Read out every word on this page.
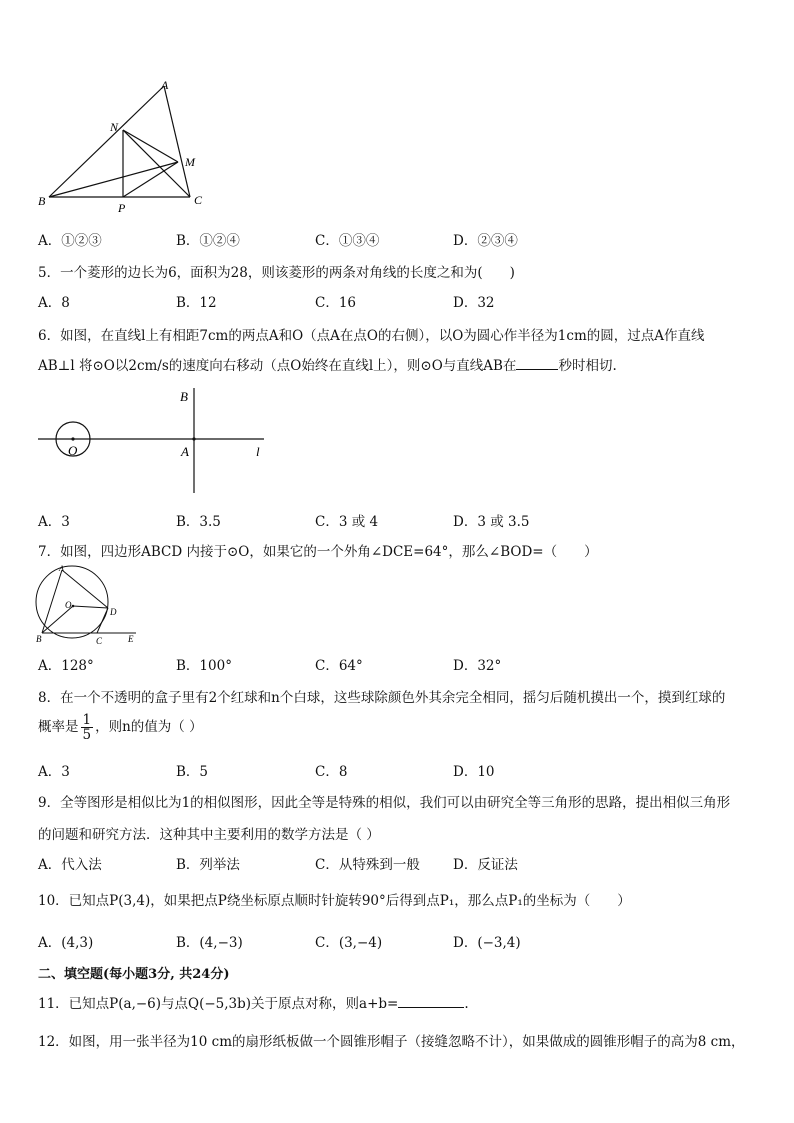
A
N
M
B	P
C
A．①②③	B．①②④	C．①③④	D．②③④
5．一个菱形的边长为6，面积为28，则该菱形的两条对角线的长度之和为(　　)
A．8	B．12	C．16	D．32
6．如图，在直线l上有相距7cm的两点A和O（点A在点O的右侧），以O为圆心作半径为1cm的圆，过点A作直线
AB⊥l 将⊙O以2cm/s的速度向右移动（点O始终在直线l上），则⊙O与直线AB在	秒时相切.
B
O	A	l
A．3	B．3.5	C．3 或 4	D．3 或 3.5
7．如图，四边形ABCD 内接于⊙O，如果它的一个外角∠DCE=64°，那么∠BOD=（　　）
A
O
D
B	C	E
A．128°	B．100°	C．64°	D．32°
8．在一个不透明的盒子里有2个红球和n个白球，这些球除颜色外其余完全相同，摇匀后随机摸出一个，摸到红球的
概率是 $\frac{1}{5}$ ，则n的值为（ ）
A．3	B．5	C．8	D．10
9．全等图形是相似比为1的相似图形，因此全等是特殊的相似，我们可以由研究全等三角形的思路，提出相似三角形
的问题和研究方法．这种其中主要利用的数学方法是（ ）
A．代入法	B．列举法	C．从特殊到一般 D．反证法
10．已知点P(3,4)，如果把点P绕坐标原点顺时针旋转90°后得到点P₁，那么点P₁的坐标为（　　）
A．(4,3)	B．(4,−3)	C．(3,−4)	D．(−3,4)
二、填空题(每小题3分, 共24分)
11．已知点P(a,−6)与点Q(−5,3b)关于原点对称，则a+b=	.
12．如图，用一张半径为10 cm的扇形纸板做一个圆锥形帽子（接缝忽略不计），如果做成的圆锥形帽子的高为8 cm，
